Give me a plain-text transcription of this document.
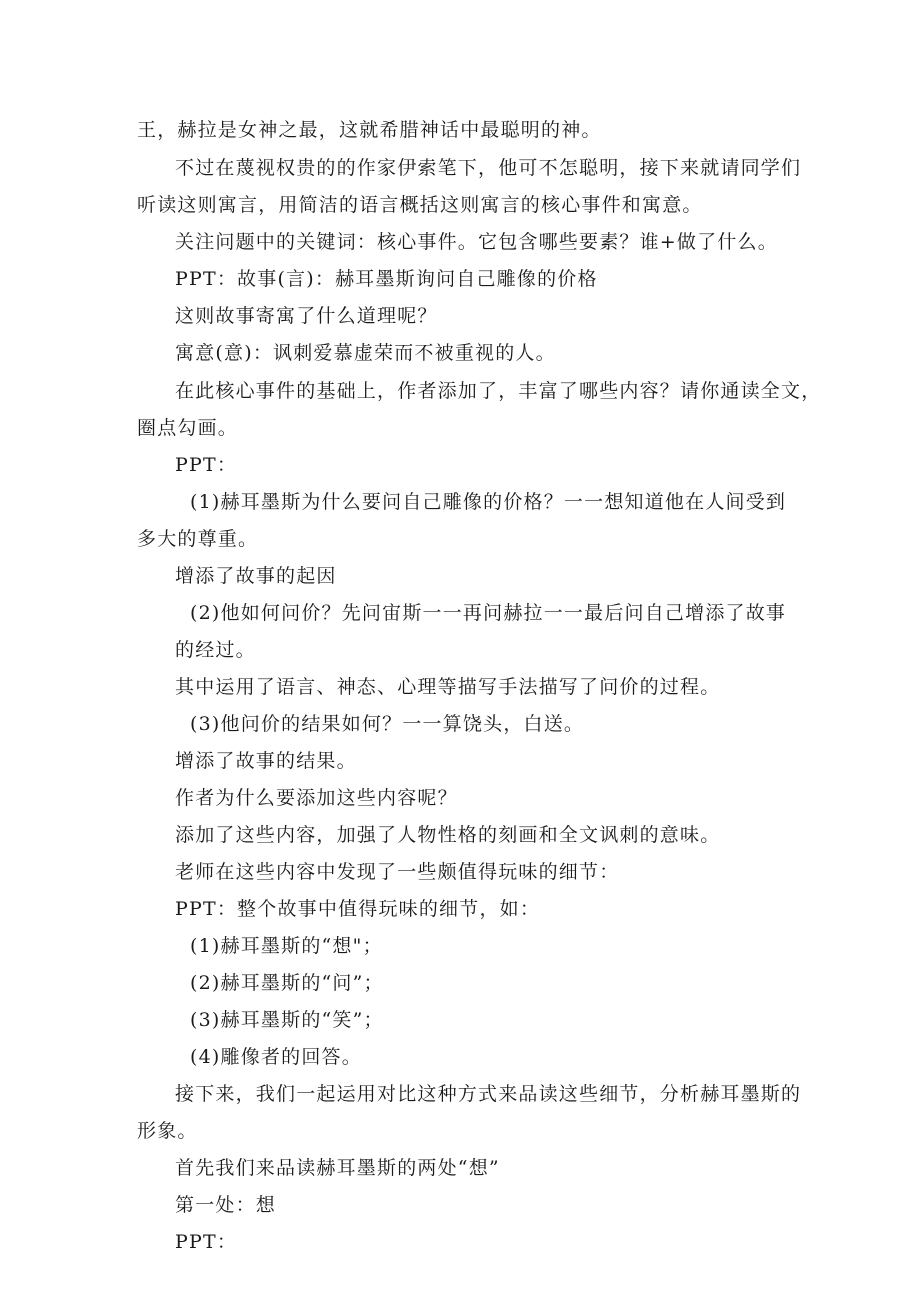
王，赫拉是女神之最，这就希腊神话中最聪明的神。

不过在蔑视权贵的的作家伊索笔下，他可不怎聪明，接下来就请同学们

听读这则寓言，用简洁的语言概括这则寓言的核心事件和寓意。

关注问题中的关键词：核心事件。它包含哪些要素？谁+做了什么。

PPT：故事(言)：赫耳墨斯询问自己雕像的价格

这则故事寄寓了什么道理呢？

寓意(意)：讽刺爱慕虚荣而不被重视的人。

在此核心事件的基础上，作者添加了，丰富了哪些内容？请你通读全文，

圈点勾画。

PPT：

(1)赫耳墨斯为什么要问自己雕像的价格？一一想知道他在人间受到

多大的尊重。

增添了故事的起因

(2)他如何问价？先问宙斯一一再问赫拉一一最后问自己增添了故事

的经过。

其中运用了语言、神态、心理等描写手法描写了问价的过程。

(3)他问价的结果如何？一一算饶头，白送。

增添了故事的结果。

作者为什么要添加这些内容呢？

添加了这些内容，加强了人物性格的刻画和全文讽刺的意味。

老师在这些内容中发现了一些颇值得玩味的细节：

PPT：整个故事中值得玩味的细节，如：

(1)赫耳墨斯的“想"；

(2)赫耳墨斯的“问”；

(3)赫耳墨斯的“笑”；

(4)雕像者的回答。

接下来，我们一起运用对比这种方式来品读这些细节，分析赫耳墨斯的

形象。

首先我们来品读赫耳墨斯的两处“想”

第一处：想

PPT：
